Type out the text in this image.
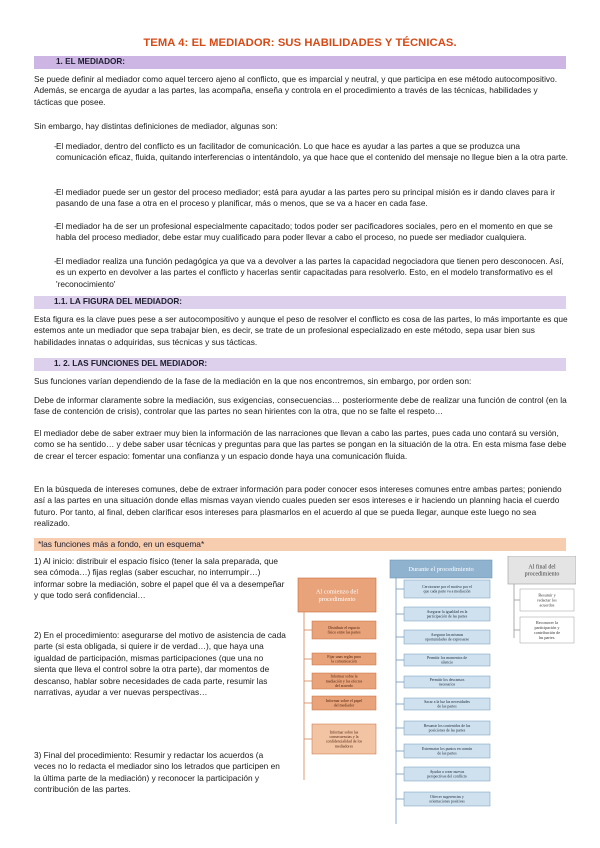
TEMA 4: EL MEDIADOR: SUS HABILIDADES Y TÉCNICAS.
1. EL MEDIADOR:
Se puede definir al mediador como aquel tercero ajeno al conflicto, que es imparcial y neutral, y que participa en ese método autocompositivo. Además, se encarga de ayudar a las partes, las acompaña, enseña y controla en el procedimiento a través de las técnicas, habilidades y tácticas que posee.
Sin embargo, hay distintas definiciones de mediador, algunas son:
- El mediador, dentro del conflicto es un facilitador de comunicación. Lo que hace es ayudar a las partes a que se produzca una comunicación eficaz, fluida, quitando interferencias o intentándolo, ya que hace que el contenido del mensaje no llegue bien a la otra parte.
- El mediador puede ser un gestor del proceso mediador; está para ayudar a las partes pero su principal misión es ir dando claves para ir pasando de una fase a otra en el proceso y planificar, más o menos, que se va a hacer en cada fase.
- El mediador ha de ser un profesional especialmente capacitado; todos poder ser pacificadores sociales, pero en el momento en que se habla del proceso mediador, debe estar muy cualificado para poder llevar a cabo el proceso, no puede ser mediador cualquiera.
- El mediador realiza una función pedagógica ya que va a devolver a las partes la capacidad negociadora que tienen pero desconocen. Así, es un experto en devolver a las partes el conflicto y hacerlas sentir capacitadas para resolverlo. Esto, en el modelo transformativo es el 'reconocimiento'
1.1. LA FIGURA DEL MEDIADOR:
Esta figura es la clave pues pese a ser autocompositivo y aunque el peso de resolver el conflicto es cosa de las partes, lo más importante es que estemos ante un mediador que sepa trabajar bien, es decir, se trate de un profesional especializado en este método, sepa usar bien sus habilidades innatas o adquiridas, sus técnicas y sus tácticas.
1. 2. LAS FUNCIONES DEL MEDIADOR:
Sus funciones varían dependiendo de la fase de la mediación en la que nos encontremos, sin embargo, por orden son:
Debe de informar claramente sobre la mediación, sus exigencias, consecuencias… posteriormente debe de realizar una función de control (en la fase de contención de crisis), controlar que las partes no sean hirientes con la otra, que no se falte el respeto…
El mediador debe de saber extraer muy bien la información de las narraciones que llevan a cabo las partes, pues cada uno contará su versión, como se ha sentido… y debe saber usar técnicas y preguntas para que las partes se pongan en la situación de la otra. En esta misma fase debe de crear el tercer espacio: fomentar una confianza y un espacio donde haya una comunicación fluida.
En la búsqueda de intereses comunes, debe de extraer información para poder conocer esos intereses comunes entre ambas partes; poniendo así a las partes en una situación donde ellas mismas vayan viendo cuales pueden ser esos intereses e ir haciendo un planning hacia el cuerdo futuro. Por tanto, al final, deben clarificar esos intereses para plasmarlos en el acuerdo al que se pueda llegar, aunque este luego no sea realizado.
*las funciones más a fondo, en un esquema*
1) Al inicio: distribuir el espacio físico (tener la sala preparada, que sea cómoda…) fijas reglas (saber escuchar, no interrumpir…) informar sobre la mediación, sobre el papel que él va a desempeñar y que todo será confidencial…
2) En el procedimiento: asegurarse del motivo de asistencia de cada parte (si esta obligada, si quiere ir de verdad…), que haya una igualdad de participación, mismas participaciones (que una no sienta que lleva el control sobre la otra parte), dar momentos de descanso, hablar sobre necesidades de cada parte, resumir las narrativas, ayudar a ver nuevas perspectivas…
3) Final del procedimiento: Resumir y redactar los acuerdos (a veces no lo redacta el mediador sino los letrados que participen en la última parte de la mediación) y reconocer la participación y contribución de las partes.
Al comienzo del procedimiento
Distribuir el espacio físico entre las partes
Fijar unas reglas para la comunicación
Informar sobre la mediación y los efectos del acuerdo
Informar sobre el papel del mediador
Informar sobre las consecuencias y la confidencialidad de los mediadores
Durante el procedimiento
Cerciorarse por el motivo por el que cada parte va a mediación
Asegurar la igualdad en la participación de las partes
Asegurar las mismas oportunidades de expresarse
Permitir los momentos de silencio
Permitir los descansos necesarios
Sacar a la luz las necesidades de las partes
Resumir los contenidos de las posiciones de las partes
Extrematar los puntos en común de las partes
Ayudar a crear nuevas perspectivas del conflicto
Ofrecer sugerencias y orientaciones positivas
Al final del procedimiento
Resumir y redactar los acuerdos
Reconocer la participación y contribución de las partes.
